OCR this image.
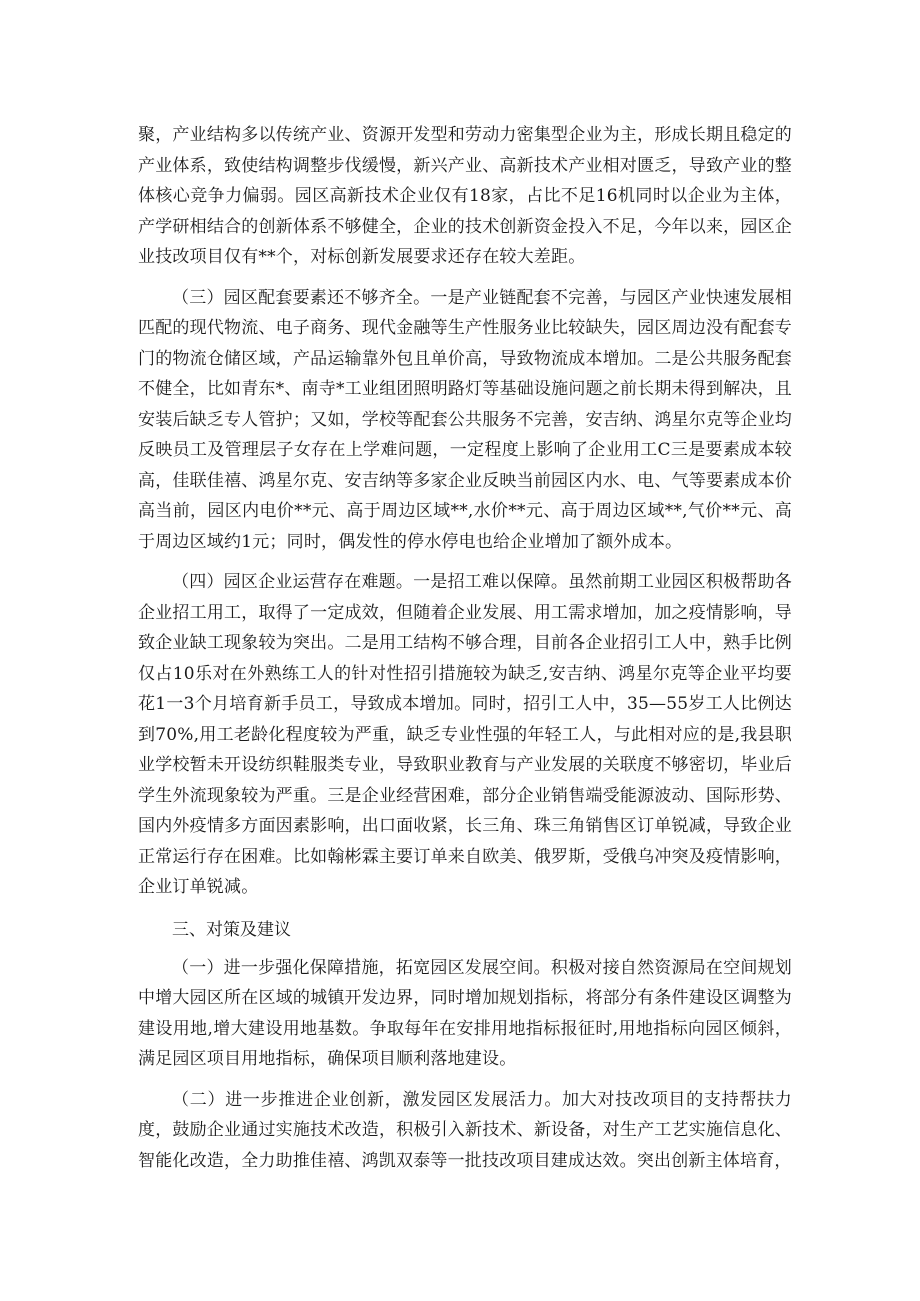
聚，产业结构多以传统产业、资源开发型和劳动力密集型企业为主，形成长期且稳定的产业体系，致使结构调整步伐缓慢，新兴产业、高新技术产业相对匮乏，导致产业的整体核心竞争力偏弱。园区高新技术企业仅有18家，占比不足16机同时以企业为主体，产学研相结合的创新体系不够健全，企业的技术创新资金投入不足，今年以来，园区企业技改项目仅有**个，对标创新发展要求还存在较大差距。

（三）园区配套要素还不够齐全。一是产业链配套不完善，与园区产业快速发展相匹配的现代物流、电子商务、现代金融等生产性服务业比较缺失，园区周边没有配套专门的物流仓储区域，产品运输靠外包且单价高，导致物流成本增加。二是公共服务配套不健全，比如青东*、南寺*工业组团照明路灯等基础设施问题之前长期未得到解决，且安装后缺乏专人管护；又如，学校等配套公共服务不完善，安吉纳、鸿星尔克等企业均反映员工及管理层子女存在上学难问题，一定程度上影响了企业用工C三是要素成本较高，佳联佳禧、鸿星尔克、安吉纳等多家企业反映当前园区内水、电、气等要素成本价高当前，园区内电价**元、高于周边区域**,水价**元、高于周边区域**,气价**元、高于周边区域约1元；同时，偶发性的停水停电也给企业增加了额外成本。

（四）园区企业运营存在难题。一是招工难以保障。虽然前期工业园区积极帮助各企业招工用工，取得了一定成效，但随着企业发展、用工需求增加，加之疫情影响，导致企业缺工现象较为突出。二是用工结构不够合理，目前各企业招引工人中，熟手比例仅占10乐对在外熟练工人的针对性招引措施较为缺乏,安吉纳、鸿星尔克等企业平均要花1一3个月培育新手员工，导致成本增加。同时，招引工人中，35—55岁工人比例达到70%,用工老龄化程度较为严重，缺乏专业性强的年轻工人，与此相对应的是,我县职业学校暂未开设纺织鞋服类专业，导致职业教育与产业发展的关联度不够密切，毕业后学生外流现象较为严重。三是企业经营困难，部分企业销售端受能源波动、国际形势、国内外疫情多方面因素影响，出口面收紧，长三角、珠三角销售区订单锐减，导致企业正常运行存在困难。比如翰彬霖主要订单来自欧美、俄罗斯，受俄乌冲突及疫情影响，企业订单锐减。

三、对策及建议

（一）进一步强化保障措施，拓宽园区发展空间。积极对接自然资源局在空间规划中增大园区所在区域的城镇开发边界，同时增加规划指标，将部分有条件建设区调整为建设用地,增大建设用地基数。争取每年在安排用地指标报征时,用地指标向园区倾斜，满足园区项目用地指标，确保项目顺利落地建设。

（二）进一步推进企业创新，激发园区发展活力。加大对技改项目的支持帮扶力度，鼓励企业通过实施技术改造，积极引入新技术、新设备，对生产工艺实施信息化、智能化改造，全力助推佳禧、鸿凯双泰等一批技改项目建成达效。突出创新主体培育，
